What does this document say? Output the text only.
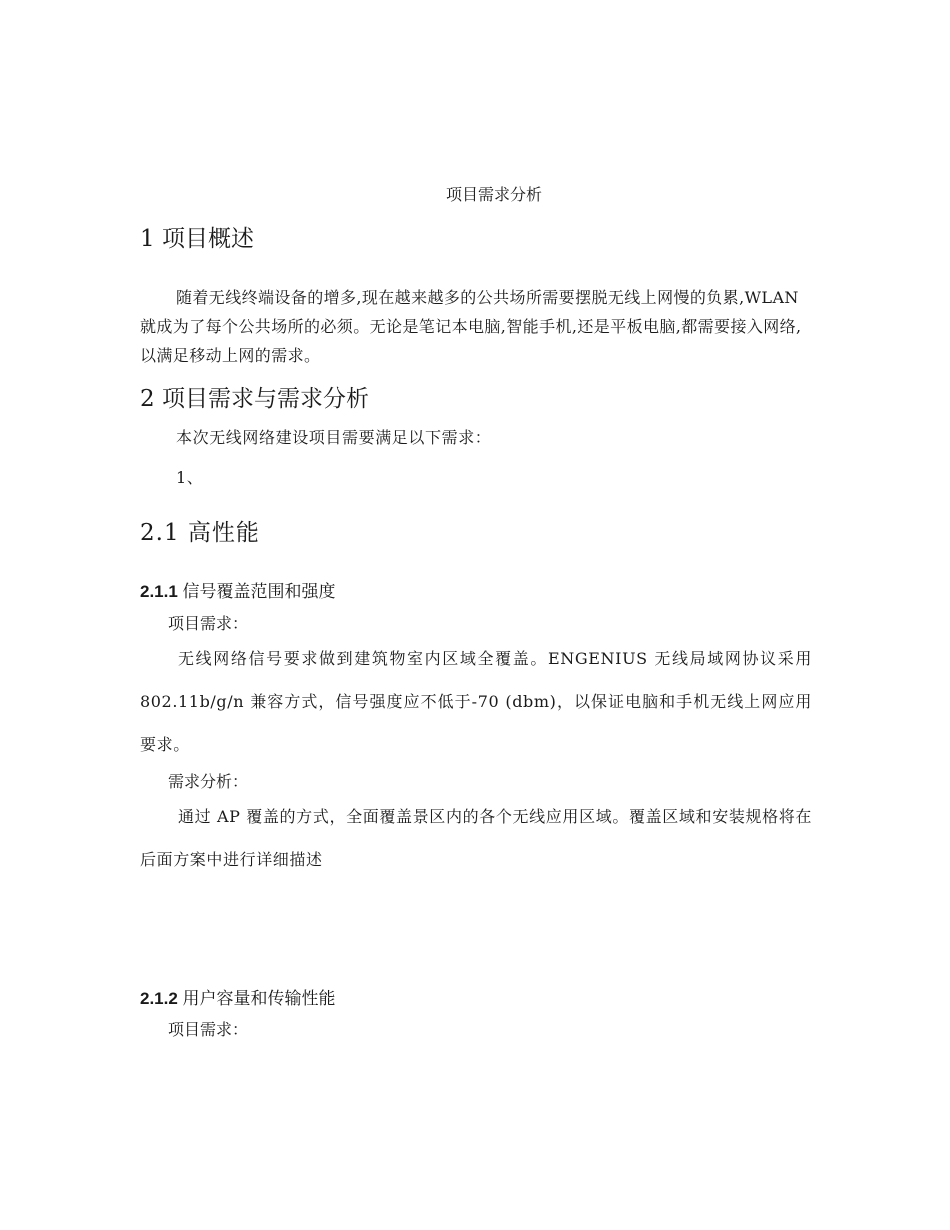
项目需求分析
1 项目概述
随着无线终端设备的增多,现在越来越多的公共场所需要摆脱无线上网慢的负累,WLAN 就成为了每个公共场所的必须。无论是笔记本电脑,智能手机,还是平板电脑,都需要接入网络,以满足移动上网的需求。
2 项目需求与需求分析
本次无线网络建设项目需要满足以下需求：
1、
2.1 高性能
2.1.1 信号覆盖范围和强度
项目需求：
无线网络信号要求做到建筑物室内区域全覆盖。ENGENIUS 无线局域网协议采用 802.11b/g/n 兼容方式，信号强度应不低于-70 (dbm)，以保证电脑和手机无线上网应用要求。
需求分析：
通过 AP 覆盖的方式，全面覆盖景区内的各个无线应用区域。覆盖区域和安装规格将在后面方案中进行详细描述
2.1.2 用户容量和传输性能
项目需求：
